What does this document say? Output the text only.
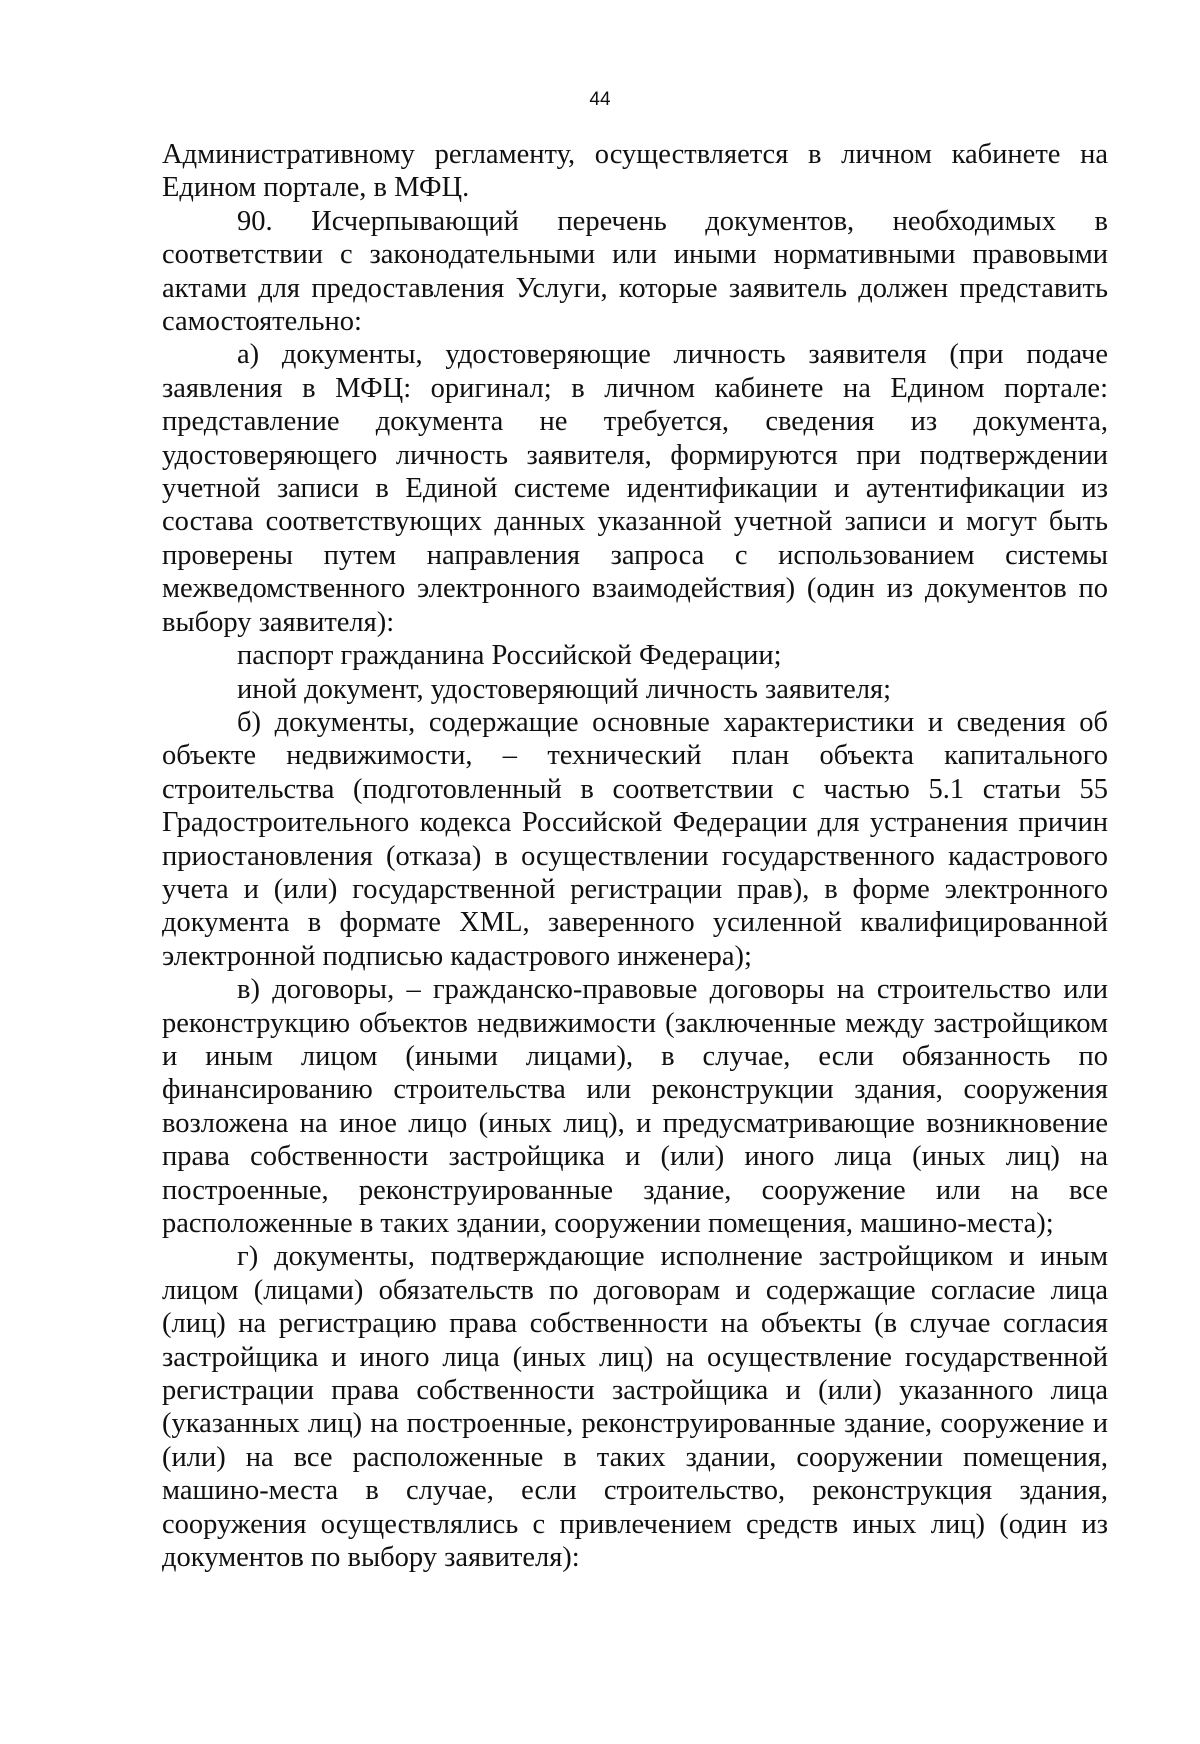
44

Административному регламенту, осуществляется в личном кабинете на Едином портале, в МФЦ.

90. Исчерпывающий перечень документов, необходимых в соответствии с законодательными или иными нормативными правовыми актами для предоставления Услуги, которые заявитель должен представить самостоятельно:

а) документы, удостоверяющие личность заявителя (при подаче заявления в МФЦ: оригинал; в личном кабинете на Едином портале: представление документа не требуется, сведения из документа, удостоверяющего личность заявителя, формируются при подтверждении учетной записи в Единой системе идентификации и аутентификации из состава соответствующих данных указанной учетной записи и могут быть проверены путем направления запроса с использованием системы межведомственного электронного взаимодействия) (один из документов по выбору заявителя):

паспорт гражданина Российской Федерации;

иной документ, удостоверяющий личность заявителя;

б) документы, содержащие основные характеристики и сведения об объекте недвижимости, – технический план объекта капитального строительства (подготовленный в соответствии с частью 5.1 статьи 55 Градостроительного кодекса Российской Федерации для устранения причин приостановления (отказа) в осуществлении государственного кадастрового учета и (или) государственной регистрации прав), в форме электронного документа в формате XML, заверенного усиленной квалифицированной электронной подписью кадастрового инженера);

в) договоры, – гражданско-правовые договоры на строительство или реконструкцию объектов недвижимости (заключенные между застройщиком и иным лицом (иными лицами), в случае, если обязанность по финансированию строительства или реконструкции здания, сооружения возложена на иное лицо (иных лиц), и предусматривающие возникновение права собственности застройщика и (или) иного лица (иных лиц) на построенные, реконструированные здание, сооружение или на все расположенные в таких здании, сооружении помещения, машино-места);

г) документы, подтверждающие исполнение застройщиком и иным лицом (лицами) обязательств по договорам и содержащие согласие лица (лиц) на регистрацию права собственности на объекты (в случае согласия застройщика и иного лица (иных лиц) на осуществление государственной регистрации права собственности застройщика и (или) указанного лица (указанных лиц) на построенные, реконструированные здание, сооружение и (или) на все расположенные в таких здании, сооружении помещения, машино-места в случае, если строительство, реконструкция здания, сооружения осуществлялись с привлечением средств иных лиц) (один из документов по выбору заявителя):
